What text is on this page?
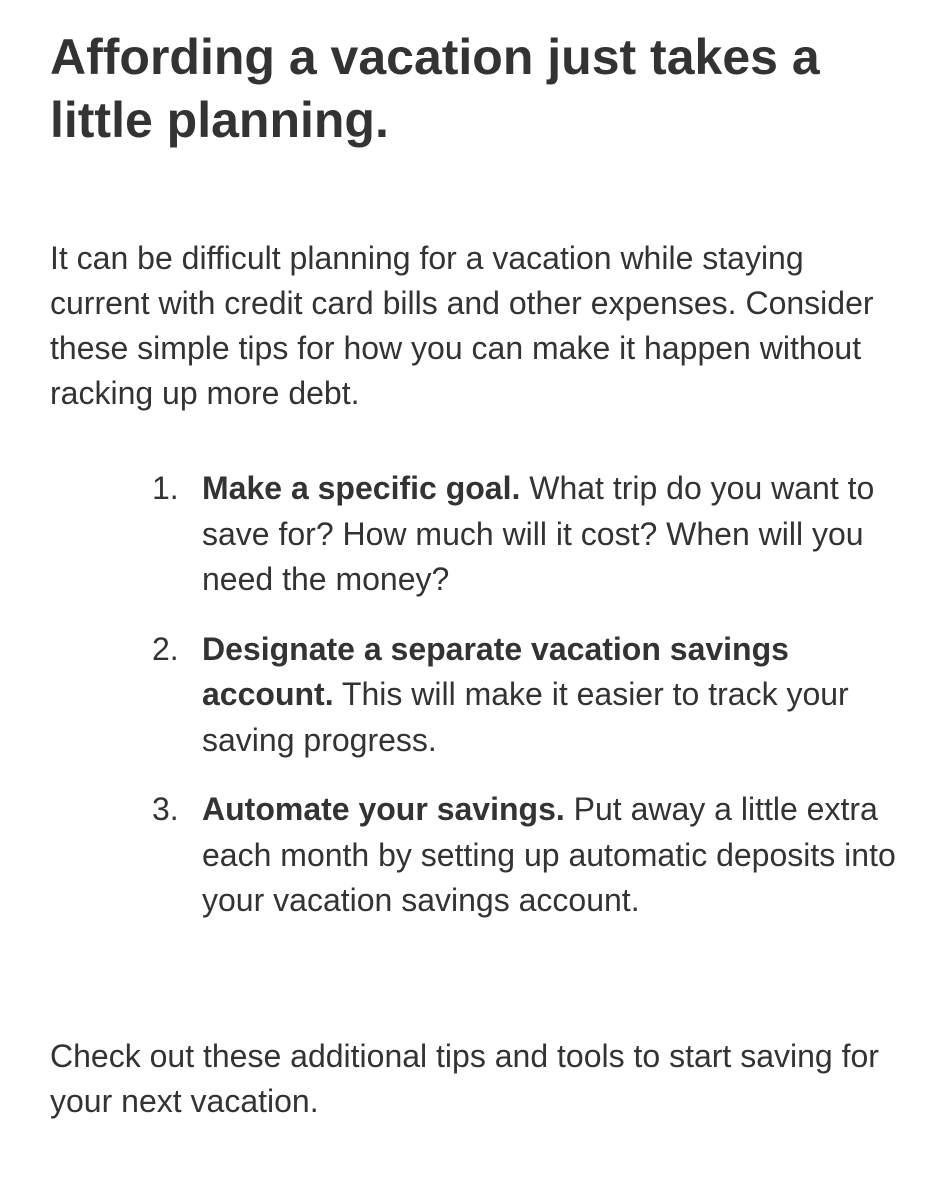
Affording a vacation just takes a little planning.

It can be difficult planning for a vacation while staying current with credit card bills and other expenses. Consider these simple tips for how you can make it happen without racking up more debt.

1. Make a specific goal. What trip do you want to save for? How much will it cost? When will you need the money?
2. Designate a separate vacation savings account. This will make it easier to track your saving progress.
3. Automate your savings. Put away a little extra each month by setting up automatic deposits into your vacation savings account.

Check out these additional tips and tools to start saving for your next vacation.
